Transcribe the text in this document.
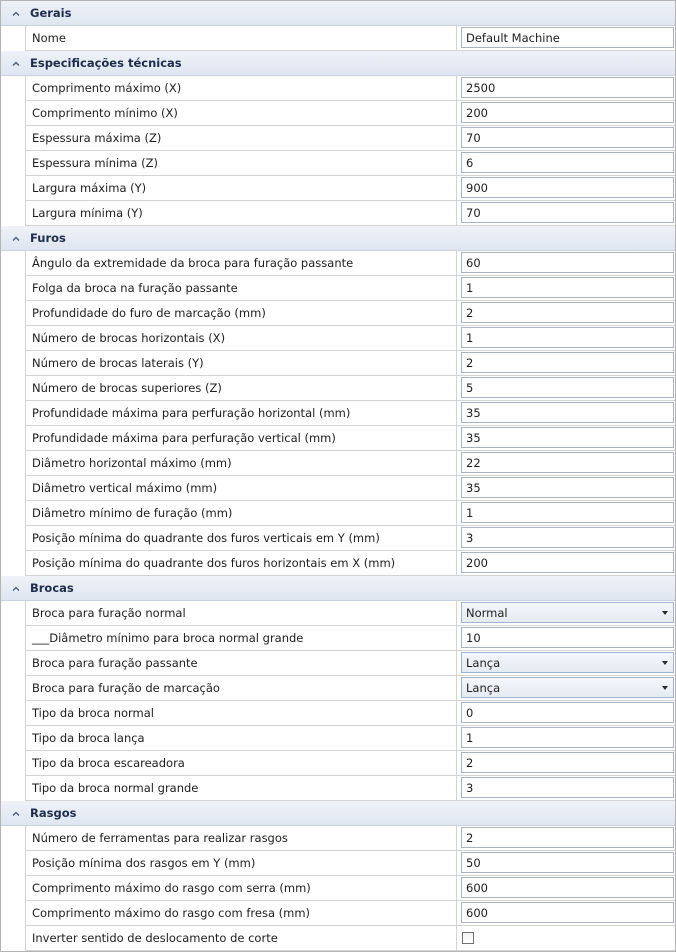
Gerais
Nome	Default Machine
Especificações técnicas
Comprimento máximo (X)	2500
Comprimento mínimo (X)	200
Espessura máxima (Z)	70
Espessura mínima (Z)	6
Largura máxima (Y)	900
Largura mínima (Y)	70
Furos
Ângulo da extremidade da broca para furação passante	60
Folga da broca na furação passante	1
Profundidade do furo de marcação (mm)	2
Número de brocas horizontais (X)	1
Número de brocas laterais (Y)	2
Número de brocas superiores (Z)	5
Profundidade máxima para perfuração horizontal (mm)	35
Profundidade máxima para perfuração vertical (mm)	35
Diâmetro horizontal máximo (mm)	22
Diâmetro vertical máximo (mm)	35
Diâmetro mínimo de furação (mm)	1
Posição mínima do quadrante dos furos verticais em Y (mm)	3
Posição mínima do quadrante dos furos horizontais em X (mm)	200
Brocas
Broca para furação normal	Normal
___Diâmetro mínimo para broca normal grande	10
Broca para furação passante	Lança
Broca para furação de marcação	Lança
Tipo da broca normal	0
Tipo da broca lança	1
Tipo da broca escareadora	2
Tipo da broca normal grande	3
Rasgos
Número de ferramentas para realizar rasgos	2
Posição mínima dos rasgos em Y (mm)	50
Comprimento máximo do rasgo com serra (mm)	600
Comprimento máximo do rasgo com fresa (mm)	600
Inverter sentido de deslocamento de corte
